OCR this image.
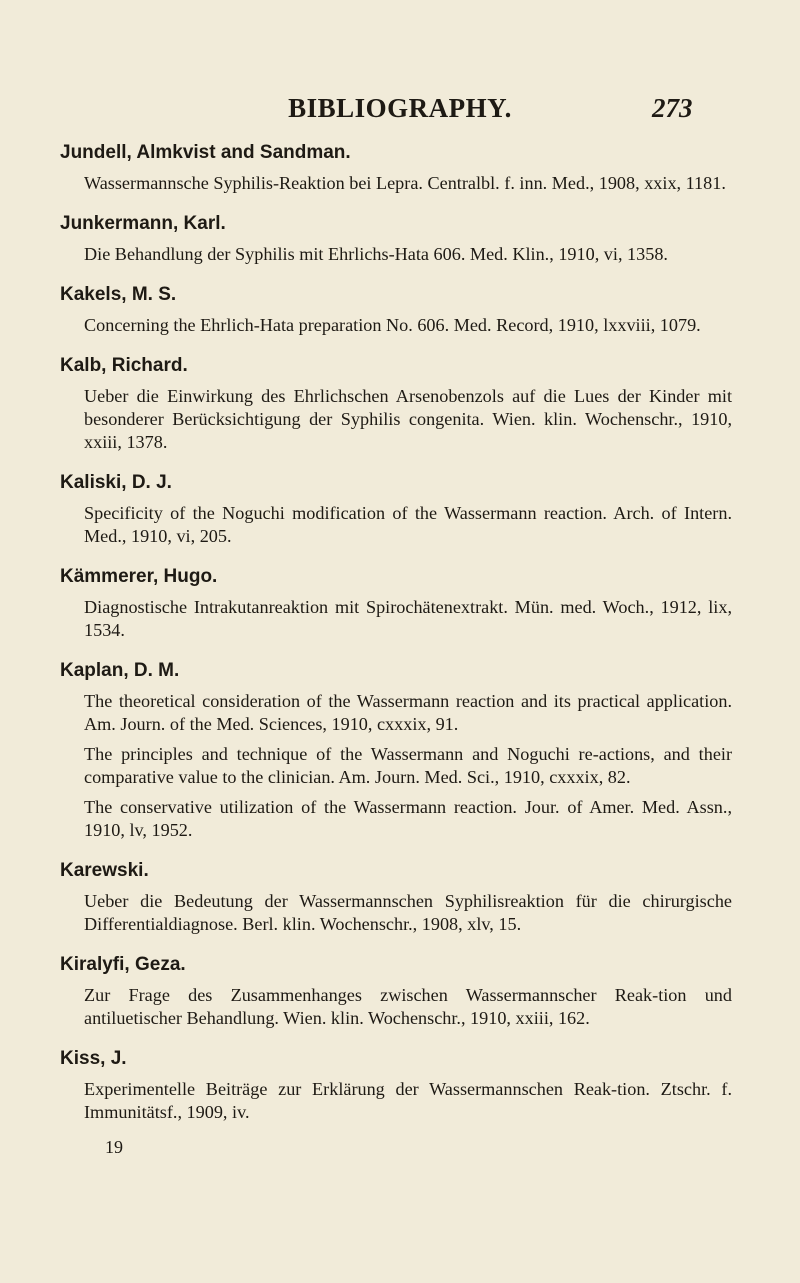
BIBLIOGRAPHY.	273
Jundell, Almkvist and Sandman.
Wassermannsche Syphilis-Reaktion bei Lepra. Centralbl. f. inn. Med., 1908, xxix, 1181.
Junkermann, Karl.
Die Behandlung der Syphilis mit Ehrlichs-Hata 606. Med. Klin., 1910, vi, 1358.
Kakels, M. S.
Concerning the Ehrlich-Hata preparation No. 606. Med. Record, 1910, lxxviii, 1079.
Kalb, Richard.
Ueber die Einwirkung des Ehrlichschen Arsenobenzols auf die Lues der Kinder mit besonderer Berücksichtigung der Syphilis congenita. Wien. klin. Wochenschr., 1910, xxiii, 1378.
Kaliski, D. J.
Specificity of the Noguchi modification of the Wassermann reaction. Arch. of Intern. Med., 1910, vi, 205.
Kämmerer, Hugo.
Diagnostische Intrakutanreaktion mit Spirochätenextrakt. Mün. med. Woch., 1912, lix, 1534.
Kaplan, D. M.
The theoretical consideration of the Wassermann reaction and its practical application. Am. Journ. of the Med. Sciences, 1910, cxxxix, 91.
The principles and technique of the Wassermann and Noguchi re-actions, and their comparative value to the clinician. Am. Journ. Med. Sci., 1910, cxxxix, 82.
The conservative utilization of the Wassermann reaction. Jour. of Amer. Med. Assn., 1910, lv, 1952.
Karewski.
Ueber die Bedeutung der Wassermannschen Syphilisreaktion für die chirurgische Differentialdiagnose. Berl. klin. Wochenschr., 1908, xlv, 15.
Kiralyfi, Geza.
Zur Frage des Zusammenhanges zwischen Wassermannscher Reak-tion und antiluetischer Behandlung. Wien. klin. Wochenschr., 1910, xxiii, 162.
Kiss, J.
Experimentelle Beiträge zur Erklärung der Wassermannschen Reak-tion. Ztschr. f. Immunitätsf., 1909, iv.
19
